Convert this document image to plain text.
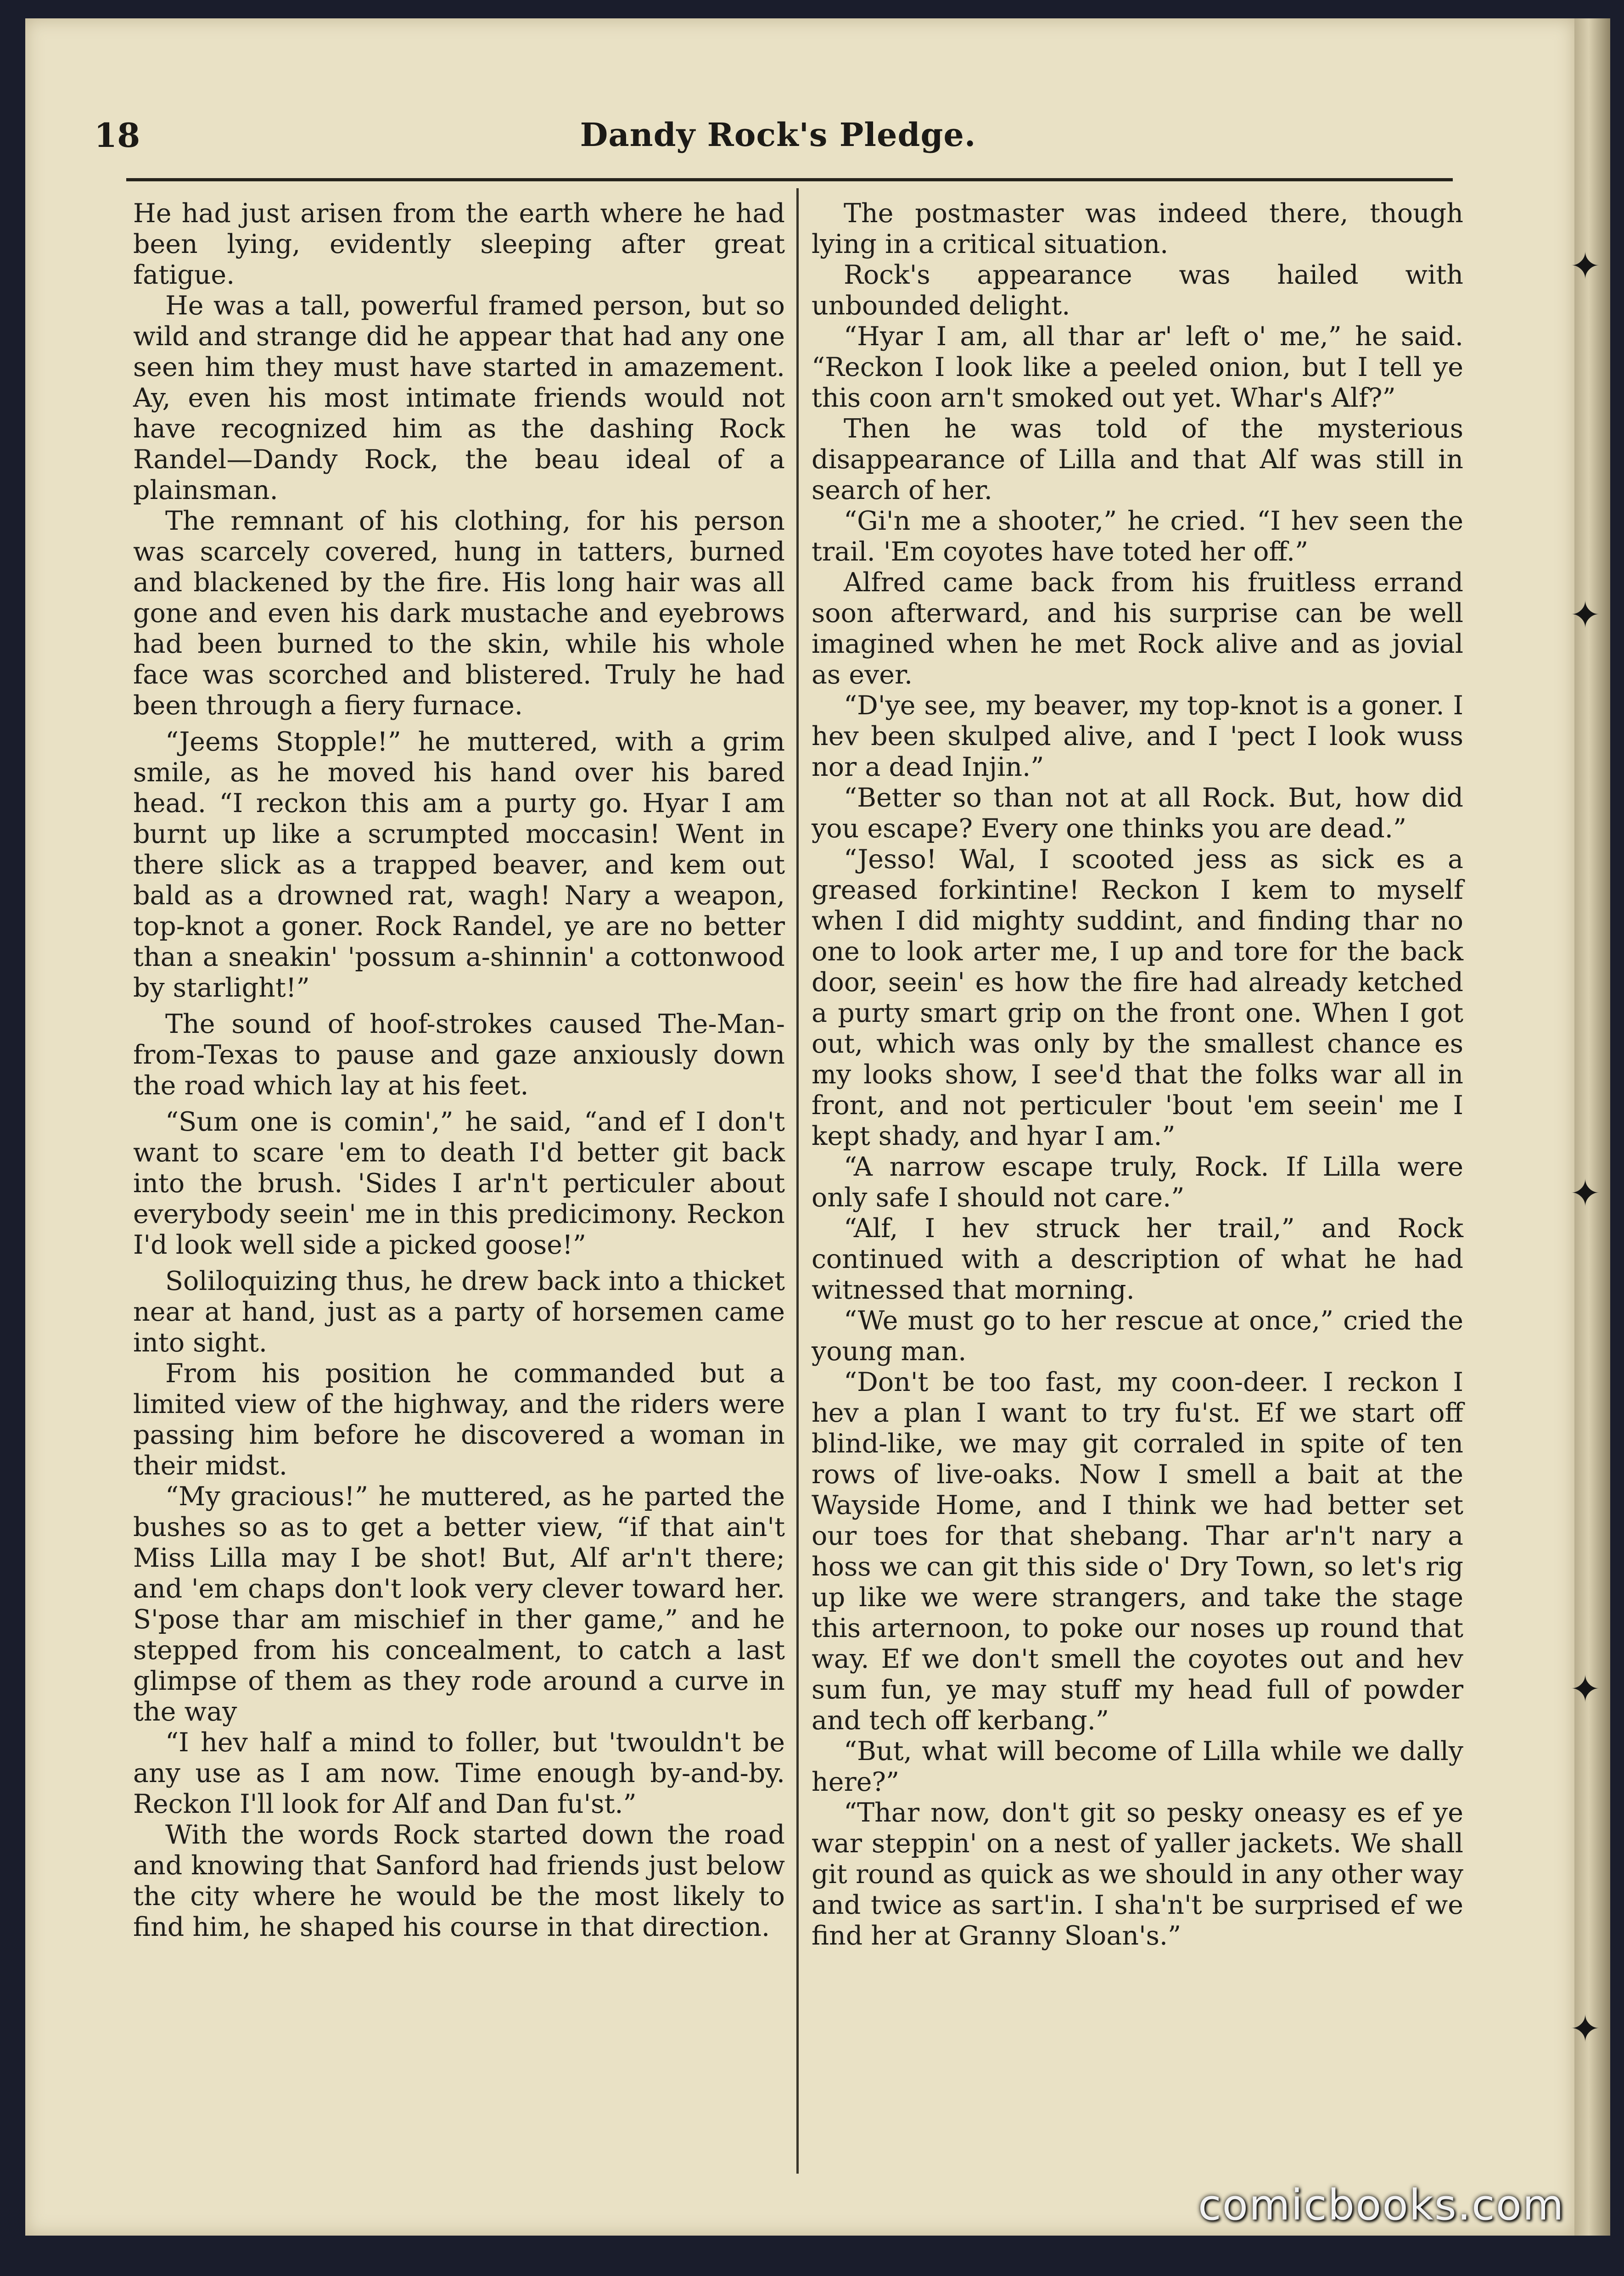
18	Dandy Rock's Pledge.

He had just arisen from the earth where he had been lying, evidently sleeping after great fatigue.

He was a tall, powerful framed person, but so wild and strange did he appear that had any one seen him they must have started in amazement. Ay, even his most intimate friends would not have recognized him as the dashing Rock Randel—Dandy Rock, the beau ideal of a plainsman.

The remnant of his clothing, for his person was scarcely covered, hung in tatters, burned and blackened by the fire. His long hair was all gone and even his dark mustache and eyebrows had been burned to the skin, while his whole face was scorched and blistered. Truly he had been through a fiery furnace.

“Jeems Stopple!” he muttered, with a grim smile, as he moved his hand over his bared head. “I reckon this am a purty go. Hyar I am burnt up like a scrumpted moccasin! Went in there slick as a trapped beaver, and kem out bald as a drowned rat, wagh! Nary a weapon, top-knot a goner. Rock Randel, ye are no better than a sneakin' 'possum a-shinnin' a cottonwood by starlight!”

The sound of hoof-strokes caused The-Man-from-Texas to pause and gaze anxiously down the road which lay at his feet.

“Sum one is comin',” he said, “and ef I don't want to scare 'em to death I'd better git back into the brush. 'Sides I ar'n't perticuler about everybody seein' me in this predicimony. Reckon I'd look well side a picked goose!”

Soliloquizing thus, he drew back into a thicket near at hand, just as a party of horsemen came into sight.

From his position he commanded but a limited view of the highway, and the riders were passing him before he discovered a woman in their midst.

“My gracious!” he muttered, as he parted the bushes so as to get a better view, “if that ain't Miss Lilla may I be shot! But, Alf ar'n't there; and 'em chaps don't look very clever toward her. S'pose thar am mischief in ther game,” and he stepped from his concealment, to catch a last glimpse of them as they rode around a curve in the way

“I hev half a mind to foller, but 'twouldn't be any use as I am now. Time enough by-and-by. Reckon I'll look for Alf and Dan fu'st.”

With the words Rock started down the road and knowing that Sanford had friends just below the city where he would be the most likely to find him, he shaped his course in that direction.

The postmaster was indeed there, though lying in a critical situation.

Rock's appearance was hailed with unbounded delight.

“Hyar I am, all thar ar' left o' me,” he said. “Reckon I look like a peeled onion, but I tell ye this coon arn't smoked out yet. Whar's Alf?”

Then he was told of the mysterious disappearance of Lilla and that Alf was still in search of her.

“Gi'n me a shooter,” he cried. “I hev seen the trail. 'Em coyotes have toted her off.”

Alfred came back from his fruitless errand soon afterward, and his surprise can be well imagined when he met Rock alive and as jovial as ever.

“D'ye see, my beaver, my top-knot is a goner. I hev been skulped alive, and I 'pect I look wuss nor a dead Injin.”

“Better so than not at all Rock. But, how did you escape? Every one thinks you are dead.”

“Jesso! Wal, I scooted jess as sick es a greased forkintine! Reckon I kem to myself when I did mighty suddint, and finding thar no one to look arter me, I up and tore for the back door, seein' es how the fire had already ketched a purty smart grip on the front one. When I got out, which was only by the smallest chance es my looks show, I see'd that the folks war all in front, and not perticuler 'bout 'em seein' me I kept shady, and hyar I am.”

“A narrow escape truly, Rock. If Lilla were only safe I should not care.”

“Alf, I hev struck her trail,” and Rock continued with a description of what he had witnessed that morning.

“We must go to her rescue at once,” cried the young man.

“Don't be too fast, my coon-deer. I reckon I hev a plan I want to try fu'st. Ef we start off blind-like, we may git corraled in spite of ten rows of live-oaks. Now I smell a bait at the Wayside Home, and I think we had better set our toes for that shebang. Thar ar'n't nary a hoss we can git this side o' Dry Town, so let's rig up like we were strangers, and take the stage this arternoon, to poke our noses up round that way. Ef we don't smell the coyotes out and hev sum fun, ye may stuff my head full of powder and tech off kerbang.”

“But, what will become of Lilla while we dally here?”

“Thar now, don't git so pesky oneasy es ef ye war steppin' on a nest of yaller jackets. We shall git round as quick as we should in any other way and twice as sart'in. I sha'n't be surprised ef we find her at Granny Sloan's.”

✦
✦
✦
✦
✦
comicbooks.com
